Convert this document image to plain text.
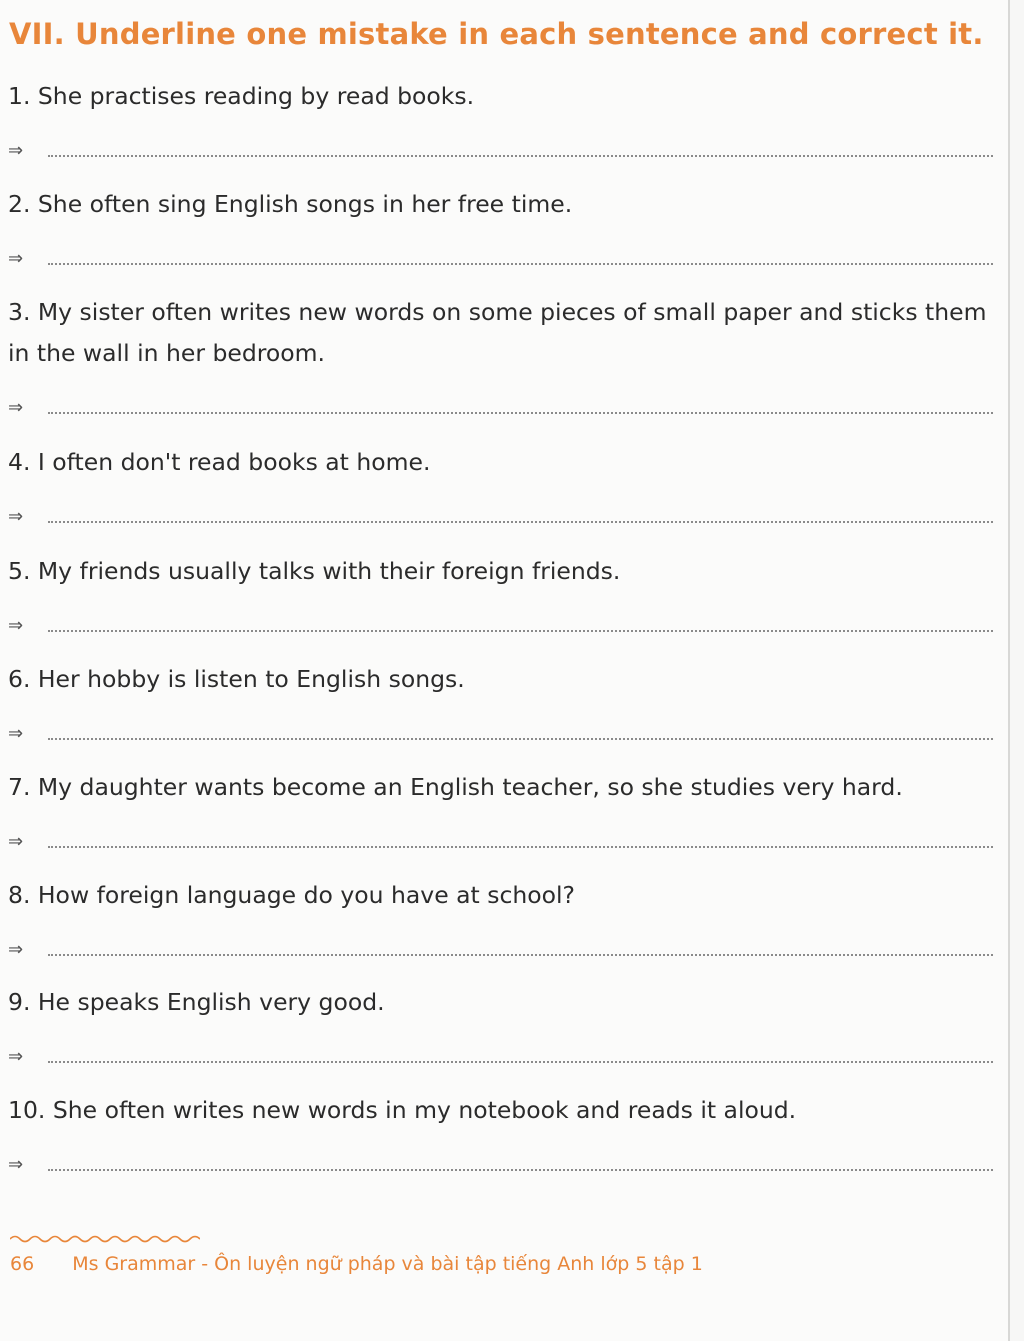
VII. Underline one mistake in each sentence and correct it.
1. She practises reading by read books.
⇒
2. She often sing English songs in her free time.
⇒
3. My sister often writes new words on some pieces of small paper and sticks them in the wall in her bedroom.
⇒
4. I often don't read books at home.
⇒
5. My friends usually talks with their foreign friends.
⇒
6. Her hobby is listen to English songs.
⇒
7. My daughter wants become an English teacher, so she studies very hard.
⇒
8. How foreign language do you have at school?
⇒
9. He speaks English very good.
⇒
10. She often writes new words in my notebook and reads it aloud.
⇒
66 Ms Grammar - Ôn luyện ngữ pháp và bài tập tiếng Anh lớp 5 tập 1
